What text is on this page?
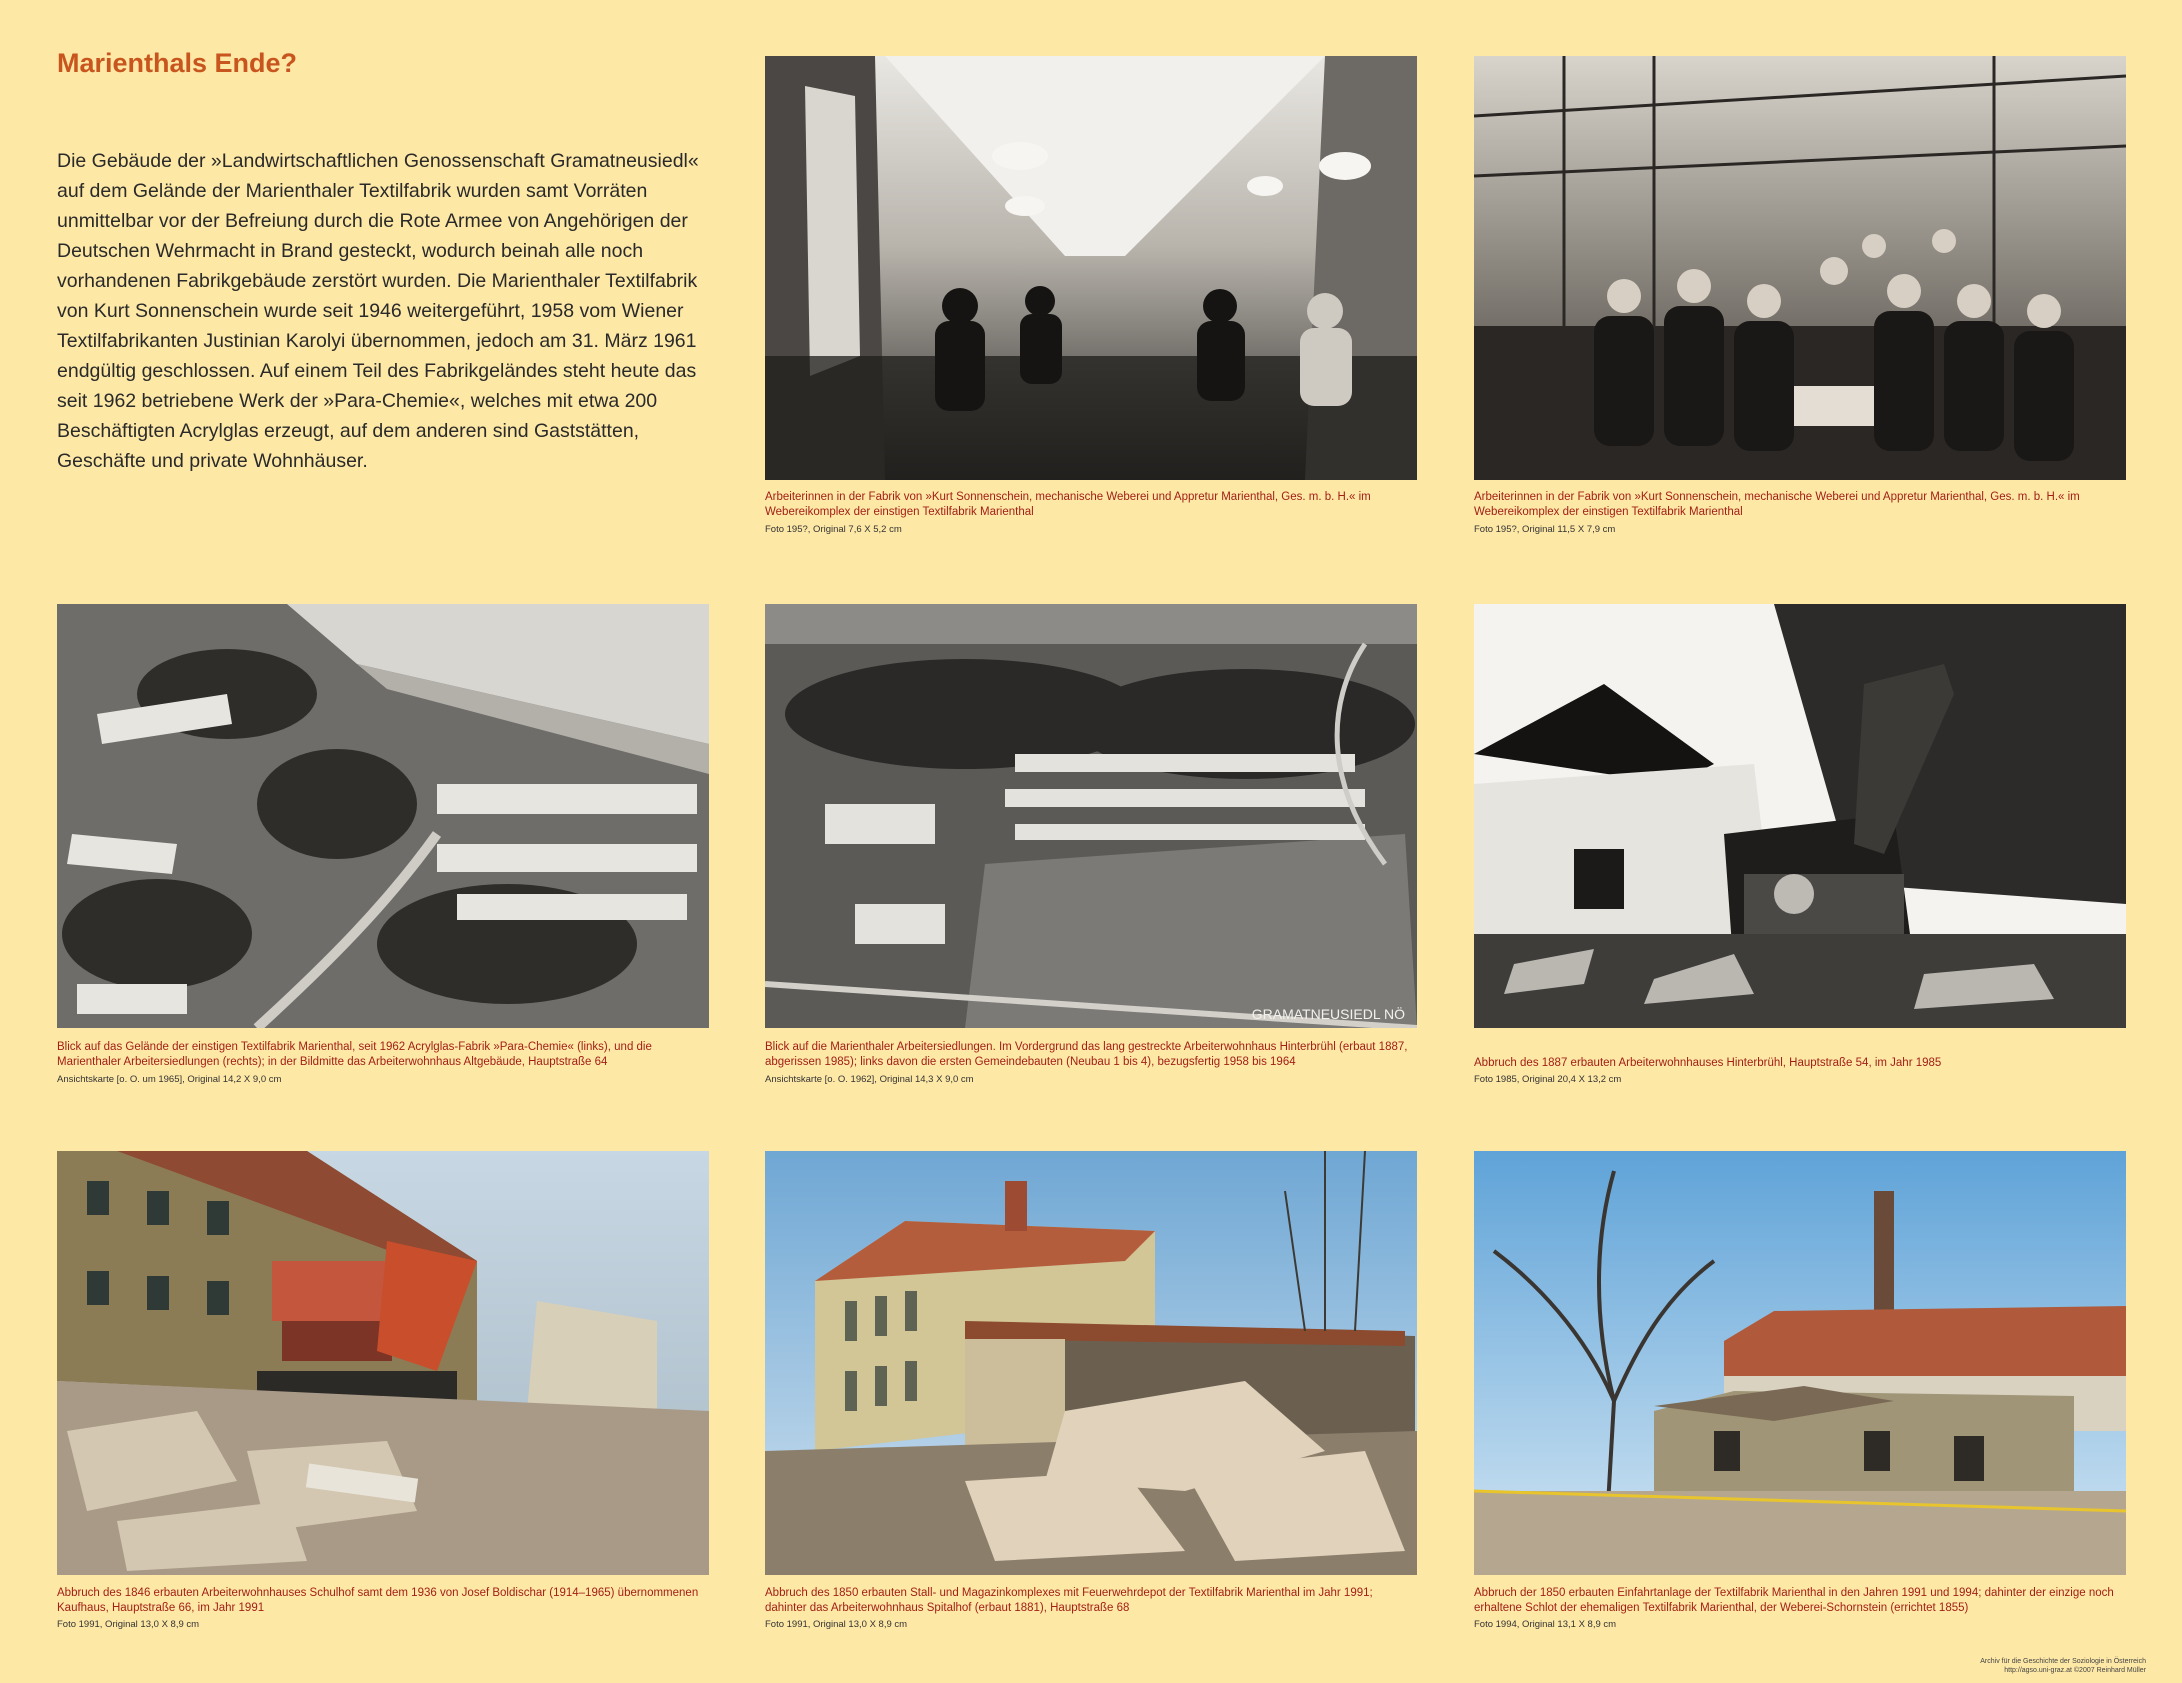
Marienthals Ende?

Die Gebäude der »Landwirtschaftlichen Genossenschaft Gramatneusiedl« auf dem Gelände der Marienthaler Textilfabrik wurden samt Vorräten unmittelbar vor der Befreiung durch die Rote Armee von Angehörigen der Deutschen Wehrmacht in Brand gesteckt, wodurch beinah alle noch vorhandenen Fabrikgebäude zerstört wurden. Die Marienthaler Textilfabrik von Kurt Sonnenschein wurde seit 1946 weitergeführt, 1958 vom Wiener Textilfabrikanten Justinian Karolyi übernommen, jedoch am 31. März 1961 endgültig geschlossen. Auf einem Teil des Fabrikgeländes steht heute das seit 1962 betriebene Werk der »Para-Chemie«, welches mit etwa 200 Beschäftigten Acrylglas erzeugt, auf dem anderen sind Gaststätten, Geschäfte und private Wohnhäuser.

Arbeiterinnen in der Fabrik von »Kurt Sonnenschein, mechanische Weberei und Appretur Marienthal, Ges. m. b. H.« im Webereikomplex der einstigen Textilfabrik Marienthal

Foto 195?, Original 7,6 X 5,2 cm

Arbeiterinnen in der Fabrik von »Kurt Sonnenschein, mechanische Weberei und Appretur Marienthal, Ges. m. b. H.« im Webereikomplex der einstigen Textilfabrik Marienthal

Foto 195?, Original 11,5 X 7,9 cm

Blick auf das Gelände der einstigen Textilfabrik Marienthal, seit 1962 Acrylglas-Fabrik »Para-Chemie« (links), und die Marienthaler Arbeitersiedlungen (rechts); in der Bildmitte das Arbeiterwohnhaus Altgebäude, Hauptstraße 64

Ansichtskarte [o. O. um 1965], Original 14,2 X 9,0 cm

GRAMATNEUSIEDL NÖ

Blick auf die Marienthaler Arbeitersiedlungen. Im Vordergrund das lang gestreckte Arbeiterwohnhaus Hinterbrühl (erbaut 1887, abgerissen 1985); links davon die ersten Gemeindebauten (Neubau 1 bis 4), bezugsfertig 1958 bis 1964

Ansichtskarte [o. O. 1962], Original 14,3 X 9,0 cm

Abbruch des 1887 erbauten Arbeiterwohnhauses Hinterbrühl, Hauptstraße 54, im Jahr 1985

Foto 1985, Original 20,4 X 13,2 cm

Abbruch des 1846 erbauten Arbeiterwohnhauses Schulhof samt dem 1936 von Josef Boldischar (1914–1965) übernommenen Kaufhaus, Hauptstraße 66, im Jahr 1991

Foto 1991, Original 13,0 X 8,9 cm

Abbruch des 1850 erbauten Stall- und Magazinkomplexes mit Feuerwehrdepot der Textilfabrik Marienthal im Jahr 1991; dahinter das Arbeiterwohnhaus Spitalhof (erbaut 1881), Hauptstraße 68

Foto 1991, Original 13,0 X 8,9 cm

Abbruch der 1850 erbauten Einfahrtanlage der Textilfabrik Marienthal in den Jahren 1991 und 1994; dahinter der einzige noch erhaltene Schlot der ehemaligen Textilfabrik Marienthal, der Weberei-Schornstein (errichtet 1855)

Foto 1994, Original 13,1 X 8,9 cm

Archiv für die Geschichte der Soziologie in Österreich
http://agso.uni-graz.at ©2007 Reinhard Müller
